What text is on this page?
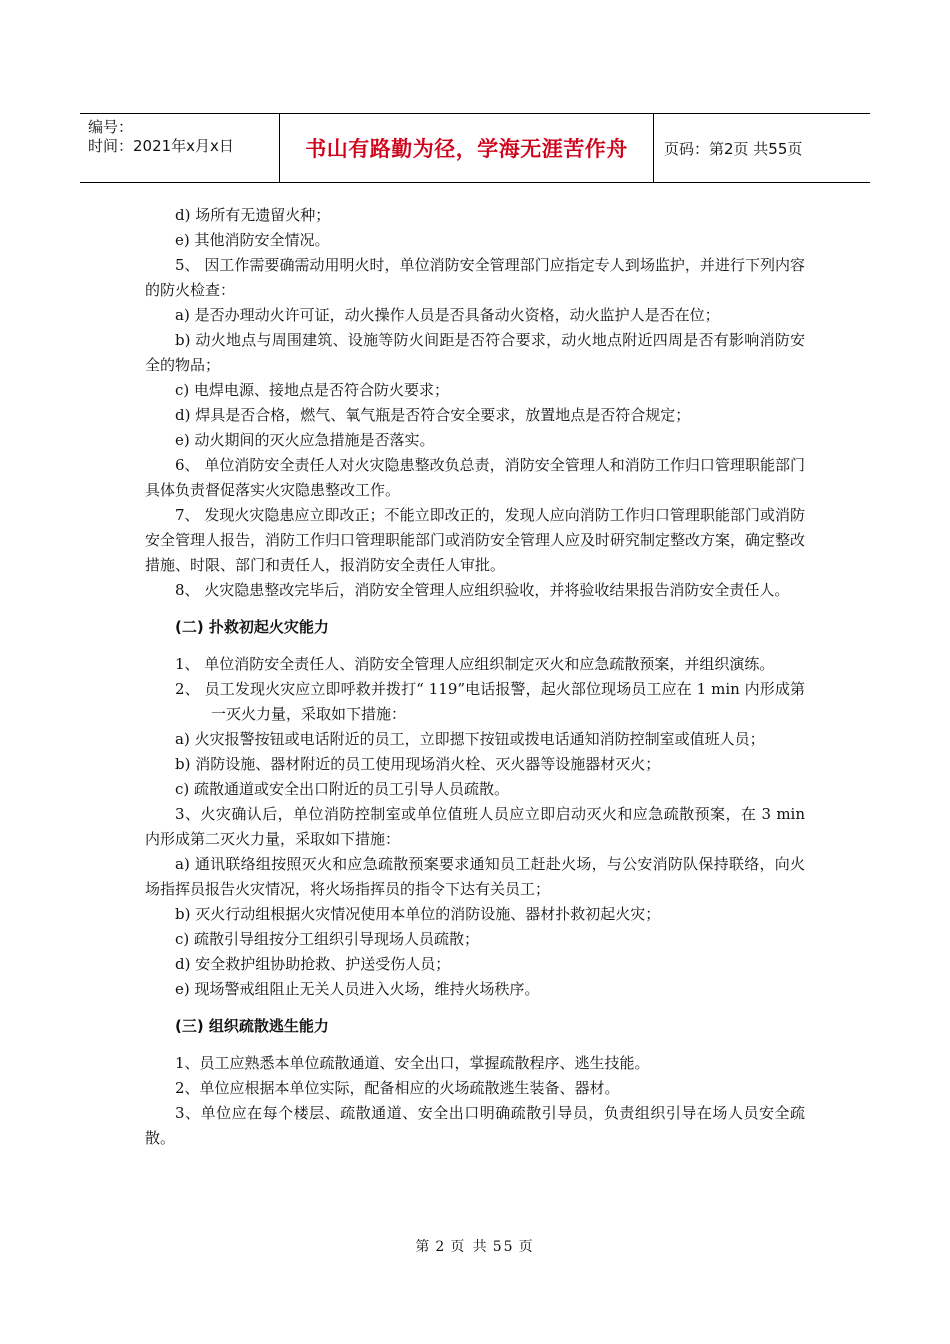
编号：
时间：2021年x月x日	书山有路勤为径，学海无涯苦作舟 页码：第2页 共55页

d) 场所有无遗留火种；

e) 其他消防安全情况。

5、 因工作需要确需动用明火时，单位消防安全管理部门应指定专人到场监护，并进行下列内容的防火检查：

a) 是否办理动火许可证，动火操作人员是否具备动火资格，动火监护人是否在位；

b) 动火地点与周围建筑、设施等防火间距是否符合要求，动火地点附近四周是否有影响消防安全的物品；

c) 电焊电源、接地点是否符合防火要求；

d) 焊具是否合格，燃气、氧气瓶是否符合安全要求，放置地点是否符合规定；

e) 动火期间的灭火应急措施是否落实。

6、 单位消防安全责任人对火灾隐患整改负总责，消防安全管理人和消防工作归口管理职能部门具体负责督促落实火灾隐患整改工作。

7、 发现火灾隐患应立即改正；不能立即改正的，发现人应向消防工作归口管理职能部门或消防安全管理人报告，消防工作归口管理职能部门或消防安全管理人应及时研究制定整改方案，确定整改措施、时限、部门和责任人，报消防安全责任人审批。

8、 火灾隐患整改完毕后，消防安全管理人应组织验收，并将验收结果报告消防安全责任人。

(二) 扑救初起火灾能力

1、 单位消防安全责任人、消防安全管理人应组织制定灭火和应急疏散预案，并组织演练。

2、 员工发现火灾应立即呼救并拨打“ 119”电话报警，起火部位现场员工应在 1 min 内形成第一灭火力量，采取如下措施：

a) 火灾报警按钮或电话附近的员工，立即摁下按钮或拨电话通知消防控制室或值班人员；

b) 消防设施、器材附近的员工使用现场消火栓、灭火器等设施器材灭火；

c) 疏散通道或安全出口附近的员工引导人员疏散。

3、火灾确认后，单位消防控制室或单位值班人员应立即启动灭火和应急疏散预案，在 3 min 内形成第二灭火力量，采取如下措施：

a) 通讯联络组按照灭火和应急疏散预案要求通知员工赶赴火场，与公安消防队保持联络，向火场指挥员报告火灾情况，将火场指挥员的指令下达有关员工；

b) 灭火行动组根据火灾情况使用本单位的消防设施、器材扑救初起火灾；

c) 疏散引导组按分工组织引导现场人员疏散；

d) 安全救护组协助抢救、护送受伤人员；

e) 现场警戒组阻止无关人员进入火场，维持火场秩序。

(三) 组织疏散逃生能力

1、员工应熟悉本单位疏散通道、安全出口，掌握疏散程序、逃生技能。

2、单位应根据本单位实际，配备相应的火场疏散逃生装备、器材。

3、单位应在每个楼层、疏散通道、安全出口明确疏散引导员，负责组织引导在场人员安全疏散。

第 2 页 共 55 页
